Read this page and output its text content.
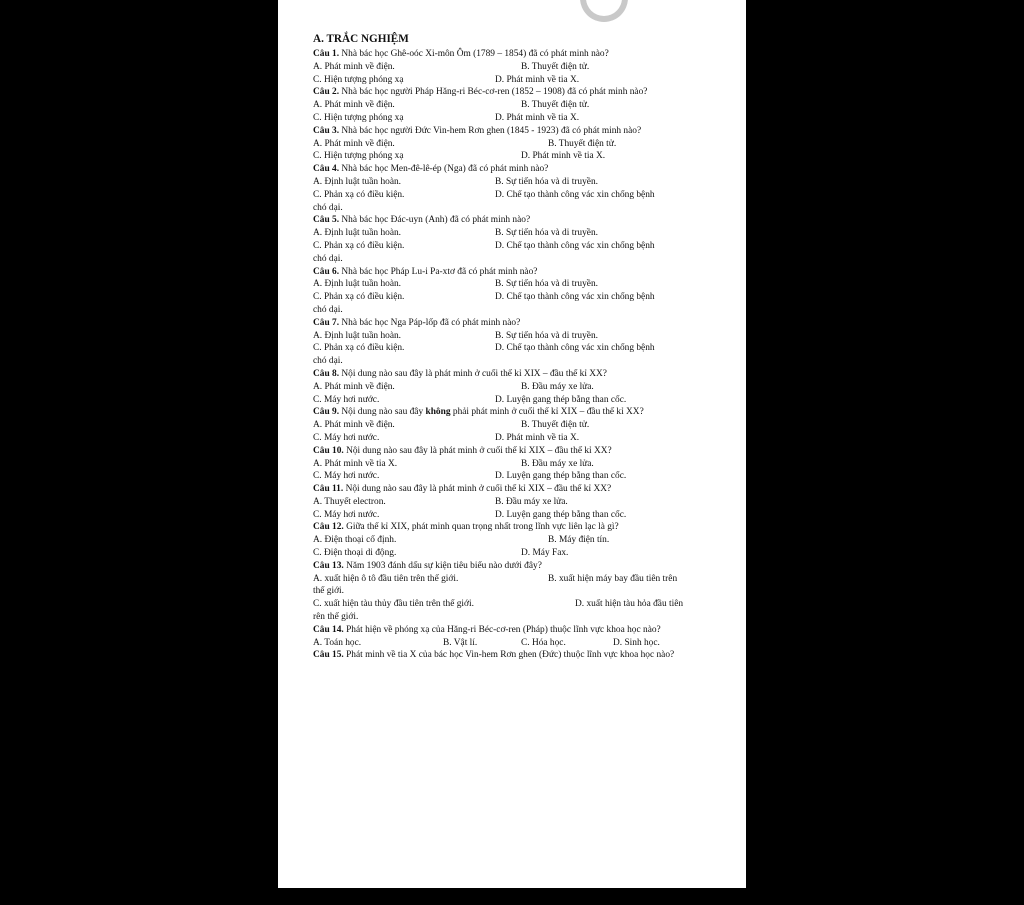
A. TRẮC NGHIỆM
Câu 1. Nhà bác học Ghê-oóc Xi-môn Ôm (1789 – 1854) đã có phát minh nào?
A. Phát minh về điện.	B. Thuyết điện tử.
C. Hiện tượng phóng xạ	D. Phát minh về tia X.
Câu 2. Nhà bác học người Pháp Hăng-ri Béc-cơ-ren (1852 – 1908) đã có phát minh nào?
A. Phát minh về điện.	B. Thuyết điện tử.
C. Hiện tượng phóng xạ	D. Phát minh về tia X.
Câu 3. Nhà bác học người Đức Vin-hem Rơn ghen (1845 - 1923) đã có phát minh nào?
A. Phát minh về điện.	B. Thuyết điện tử.
C. Hiện tượng phóng xạ	D. Phát minh về tia X.
Câu 4. Nhà bác học Men-đê-lê-ép (Nga) đã có phát minh nào?
A. Định luật tuần hoàn.	B. Sự tiến hóa và di truyền.
C. Phản xạ có điều kiện.	D. Chế tạo thành công vác xin chống bệnh
chó dại.
Câu 5. Nhà bác học Đác-uyn (Anh) đã có phát minh nào?
A. Định luật tuần hoàn.	B. Sự tiến hóa và di truyền.
C. Phản xạ có điều kiện.	D. Chế tạo thành công vác xin chống bệnh
chó dại.
Câu 6. Nhà bác học Pháp Lu-i Pa-xtơ đã có phát minh nào?
A. Định luật tuần hoàn.	B. Sự tiến hóa và di truyền.
C. Phản xạ có điều kiện.	D. Chế tạo thành công vác xin chống bệnh
chó dại.
Câu 7. Nhà bác học Nga Páp-lốp đã có phát minh nào?
A. Định luật tuần hoàn.	B. Sự tiến hóa và di truyền.
C. Phản xạ có điều kiện.	D. Chế tạo thành công vác xin chống bệnh
chó dại.
Câu 8. Nội dung nào sau đây là phát minh ở cuối thế kỉ XIX – đầu thế kỉ XX?
A. Phát minh về điện.	B. Đầu máy xe lửa.
C. Máy hơi nước.	D. Luyện gang thép bằng than cốc.
Câu 9. Nội dung nào sau đây không phải phát minh ở cuối thế kỉ XIX – đầu thế kỉ XX?
A. Phát minh về điện.	B. Thuyết điện tử.
C. Máy hơi nước.	D. Phát minh về tia X.
Câu 10. Nội dung nào sau đây là phát minh ở cuối thế kỉ XIX – đầu thế kỉ XX?
A. Phát minh về tia X.	B. Đầu máy xe lửa.
C. Máy hơi nước.	D. Luyện gang thép bằng than cốc.
Câu 11. Nội dung nào sau đây là phát minh ở cuối thế kỉ XIX – đầu thế kỉ XX?
A. Thuyết electron.	B. Đầu máy xe lửa.
C. Máy hơi nước.	D. Luyện gang thép bằng than cốc.
Câu 12. Giữa thế kỉ XIX, phát minh quan trọng nhất trong lĩnh vực liên lạc là gì?
A. Điện thoại cố định.	B. Máy điện tín.
C. Điện thoại di động.	D. Máy Fax.
Câu 13. Năm 1903 đánh dấu sự kiện tiêu biểu nào dưới đây?
A. xuất hiện ô tô đầu tiên trên thế giới.	B. xuất hiện máy bay đầu tiên trên
thế giới.
C. xuất hiện tàu thủy đầu tiên trên thế giới.	D. xuất hiện tàu hỏa đầu tiên
rên thế giới.
Câu 14. Phát hiện về phóng xạ của Hăng-ri Béc-cơ-ren (Pháp) thuộc lĩnh vực khoa học nào?
A. Toán học.	B. Vật lí.	C. Hóa học.	D. Sinh học.
Câu 15. Phát minh về tia X của bác học Vin-hem Rơn ghen (Đức) thuộc lĩnh vực khoa học nào?
